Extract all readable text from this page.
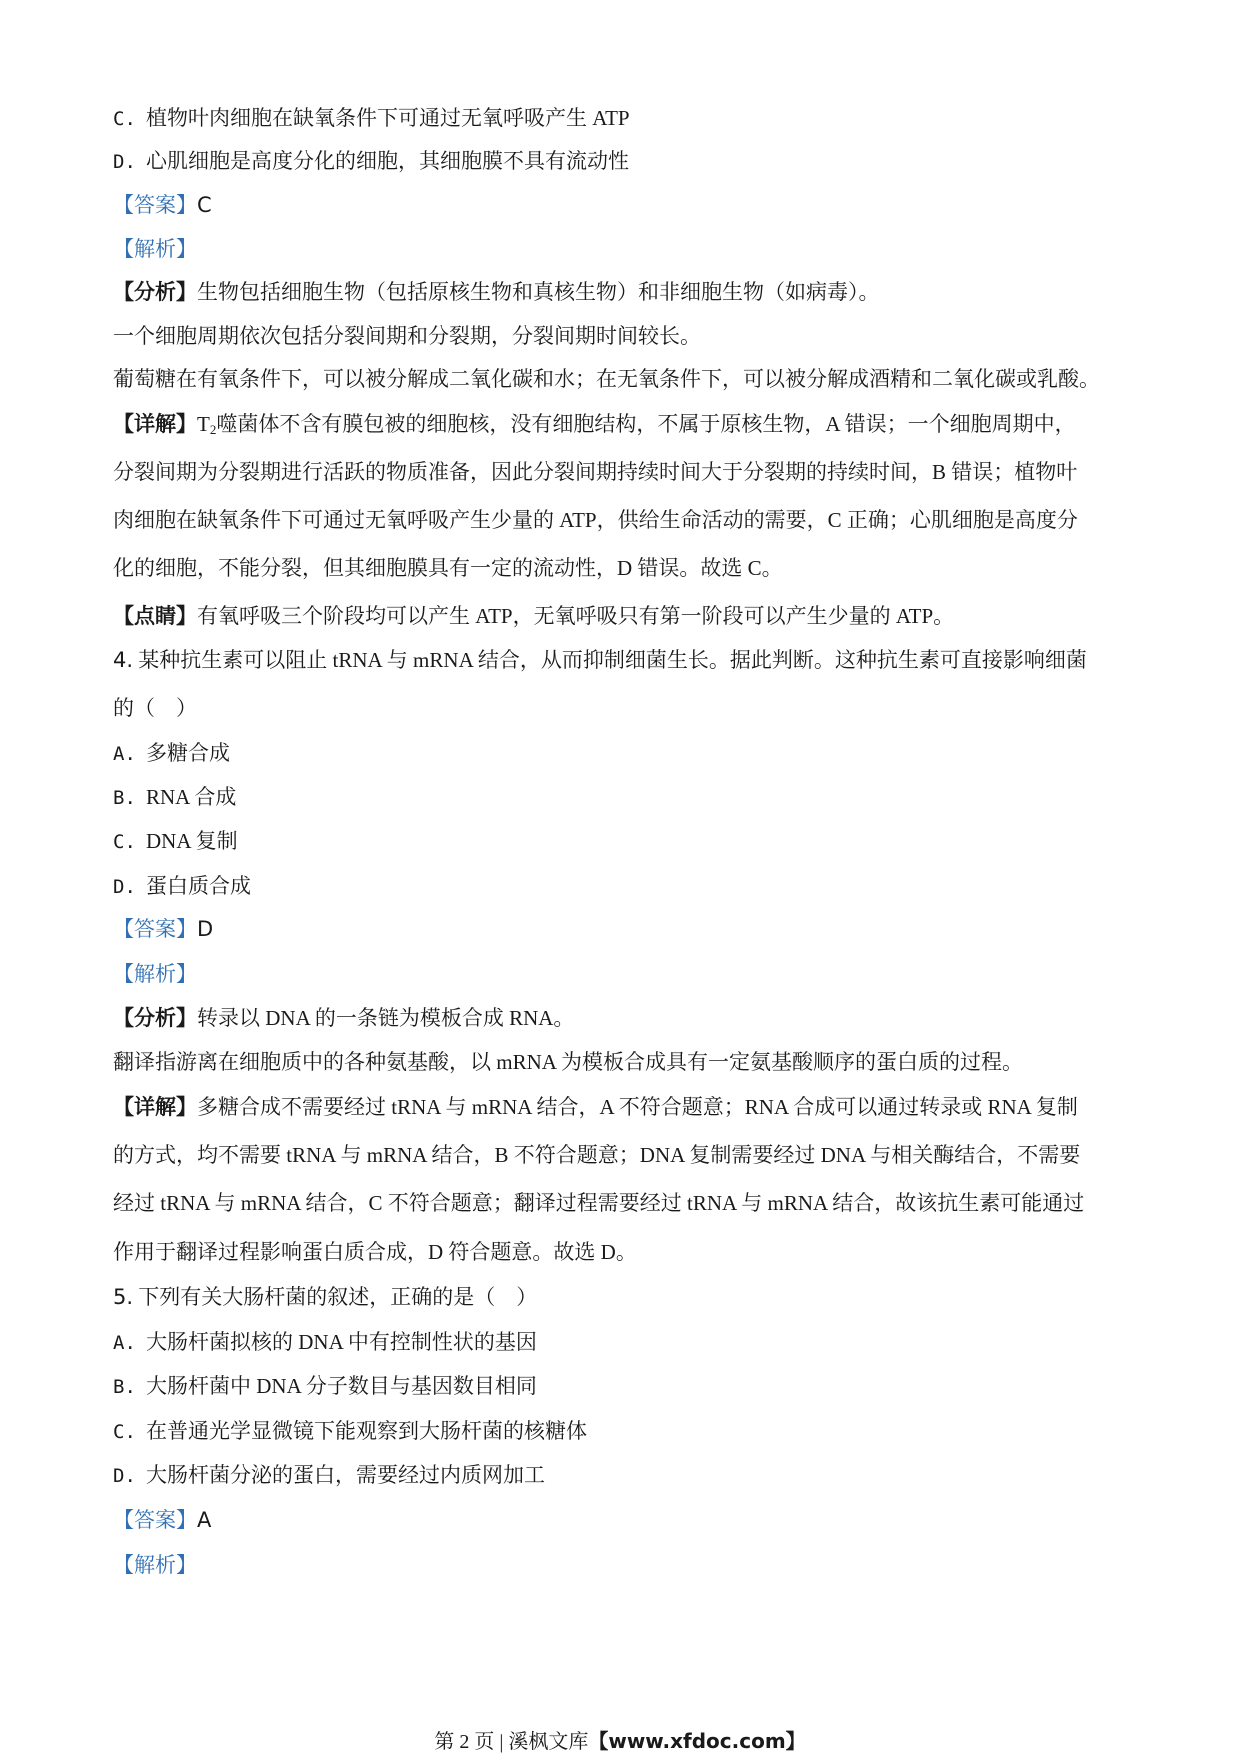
C. 植物叶肉细胞在缺氧条件下可通过无氧呼吸产生 ATP
D. 心肌细胞是高度分化的细胞，其细胞膜不具有流动性
【答案】C
【解析】
【分析】生物包括细胞生物（包括原核生物和真核生物）和非细胞生物（如病毒）。
一个细胞周期依次包括分裂间期和分裂期，分裂间期时间较长。
葡萄糖在有氧条件下，可以被分解成二氧化碳和水；在无氧条件下，可以被分解成酒精和二氧化碳或乳酸。
【详解】$T_2$噬菌体不含有膜包被的细胞核，没有细胞结构，不属于原核生物，A 错误；一个细胞周期中，
分裂间期为分裂期进行活跃的物质准备，因此分裂间期持续时间大于分裂期的持续时间，B 错误；植物叶
肉细胞在缺氧条件下可通过无氧呼吸产生少量的 ATP，供给生命活动的需要，C 正确；心肌细胞是高度分
化的细胞，不能分裂，但其细胞膜具有一定的流动性，D 错误。故选 C。
【点睛】有氧呼吸三个阶段均可以产生 ATP，无氧呼吸只有第一阶段可以产生少量的 ATP。
4. 某种抗生素可以阻止 tRNA 与 mRNA 结合，从而抑制细菌生长。据此判断。这种抗生素可直接影响细菌
的（　）
A. 多糖合成
B. RNA 合成
C. DNA 复制
D. 蛋白质合成
【答案】D
【解析】
【分析】转录以 DNA 的一条链为模板合成 RNA。
翻译指游离在细胞质中的各种氨基酸，以 mRNA 为模板合成具有一定氨基酸顺序的蛋白质的过程。
【详解】多糖合成不需要经过 tRNA 与 mRNA 结合，A 不符合题意；RNA 合成可以通过转录或 RNA 复制
的方式，均不需要 tRNA 与 mRNA 结合，B 不符合题意；DNA 复制需要经过 DNA 与相关酶结合，不需要
经过 tRNA 与 mRNA 结合，C 不符合题意；翻译过程需要经过 tRNA 与 mRNA 结合，故该抗生素可能通过
作用于翻译过程影响蛋白质合成，D 符合题意。故选 D。
5. 下列有关大肠杆菌的叙述，正确的是（　）
A. 大肠杆菌拟核的 DNA 中有控制性状的基因
B. 大肠杆菌中 DNA 分子数目与基因数目相同
C. 在普通光学显微镜下能观察到大肠杆菌的核糖体
D. 大肠杆菌分泌的蛋白，需要经过内质网加工
【答案】A
【解析】
第 2 页 | 溪枫文库【www.xfdoc.com】
